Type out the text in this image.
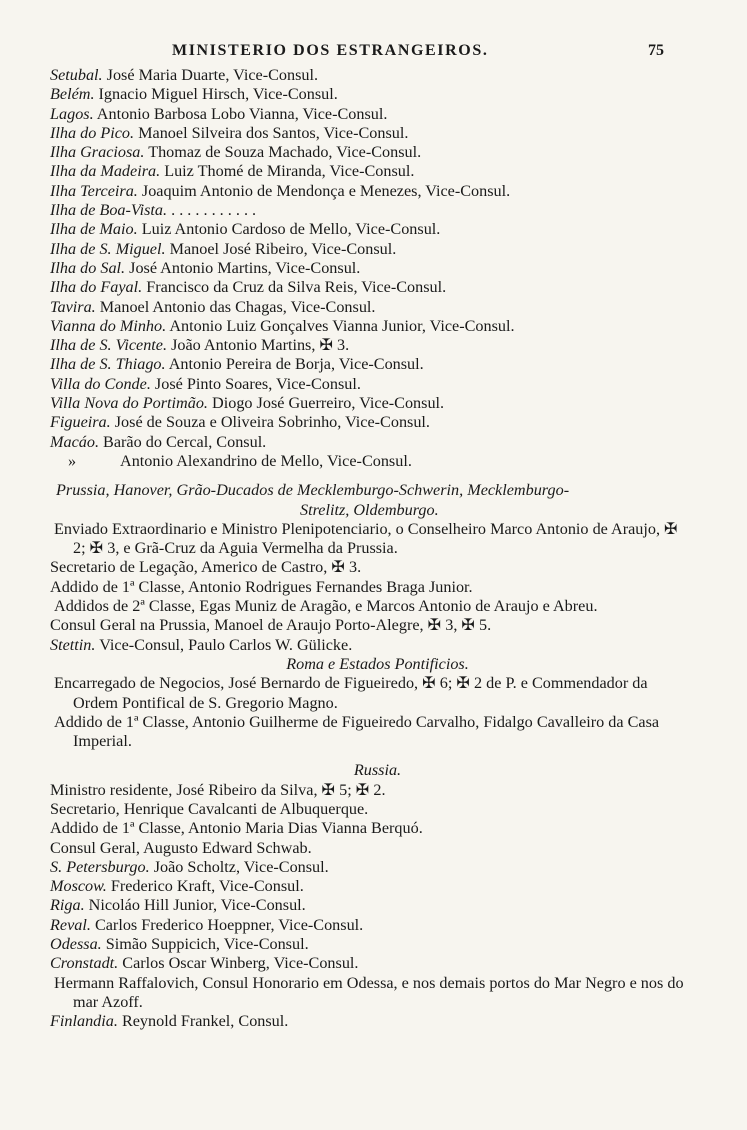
MINISTERIO DOS ESTRANGEIROS.	75
Setubal. José Maria Duarte, Vice-Consul.
Belém. Ignacio Miguel Hirsch, Vice-Consul.
Lagos. Antonio Barbosa Lobo Vianna, Vice-Consul.
Ilha do Pico. Manoel Silveira dos Santos, Vice-Consul.
Ilha Graciosa. Thomaz de Souza Machado, Vice-Consul.
Ilha da Madeira. Luiz Thomé de Miranda, Vice-Consul.
Ilha Terceira. Joaquim Antonio de Mendonça e Menezes, Vice-Consul.
Ilha de Boa-Vista. . . . . . . . . . . .
Ilha de Maio. Luiz Antonio Cardoso de Mello, Vice-Consul.
Ilha de S. Miguel. Manoel José Ribeiro, Vice-Consul.
Ilha do Sal. José Antonio Martins, Vice-Consul.
Ilha do Fayal. Francisco da Cruz da Silva Reis, Vice-Consul.
Tavira. Manoel Antonio das Chagas, Vice-Consul.
Vianna do Minho. Antonio Luiz Gonçalves Vianna Junior, Vice-Consul.
Ilha de S. Vicente. João Antonio Martins, ✠ 3.
Ilha de S. Thiago. Antonio Pereira de Borja, Vice-Consul.
Villa do Conde. José Pinto Soares, Vice-Consul.
Villa Nova do Portimão. Diogo José Guerreiro, Vice-Consul.
Figueira. José de Souza e Oliveira Sobrinho, Vice-Consul.
Macáo. Barão do Cercal, Consul.
»	Antonio Alexandrino de Mello, Vice-Consul.
Prussia, Hanover, Grão-Ducados de Mecklemburgo-Schwerin, Mecklemburgo-
Strelitz, Oldemburgo.
Enviado Extraordinario e Ministro Plenipotenciario, o Conselheiro Marco Antonio de Araujo, ✠ 2; ✠ 3, e Grã-Cruz da Aguia Vermelha da Prussia.
Secretario de Legação, Americo de Castro, ✠ 3.
Addido de 1ª Classe, Antonio Rodrigues Fernandes Braga Junior.
Addidos de 2ª Classe, Egas Muniz de Aragão, e Marcos Antonio de Araujo e Abreu.
Consul Geral na Prussia, Manoel de Araujo Porto-Alegre, ✠ 3, ✠ 5.
Stettin. Vice-Consul, Paulo Carlos W. Gülicke.
Roma e Estados Pontificios.
Encarregado de Negocios, José Bernardo de Figueiredo, ✠ 6; ✠ 2 de P. e Commendador da Ordem Pontifical de S. Gregorio Magno.
Addido de 1ª Classe, Antonio Guilherme de Figueiredo Carvalho, Fidalgo Cavalleiro da Casa Imperial.
Russia.
Ministro residente, José Ribeiro da Silva, ✠ 5; ✠ 2.
Secretario, Henrique Cavalcanti de Albuquerque.
Addido de 1ª Classe, Antonio Maria Dias Vianna Berquó.
Consul Geral, Augusto Edward Schwab.
S. Petersburgo. João Scholtz, Vice-Consul.
Moscow. Frederico Kraft, Vice-Consul.
Riga. Nicoláo Hill Junior, Vice-Consul.
Reval. Carlos Frederico Hoeppner, Vice-Consul.
Odessa. Simão Suppicich, Vice-Consul.
Cronstadt. Carlos Oscar Winberg, Vice-Consul.
Hermann Raffalovich, Consul Honorario em Odessa, e nos demais portos do Mar Negro e nos do mar Azoff.
Finlandia. Reynold Frankel, Consul.
